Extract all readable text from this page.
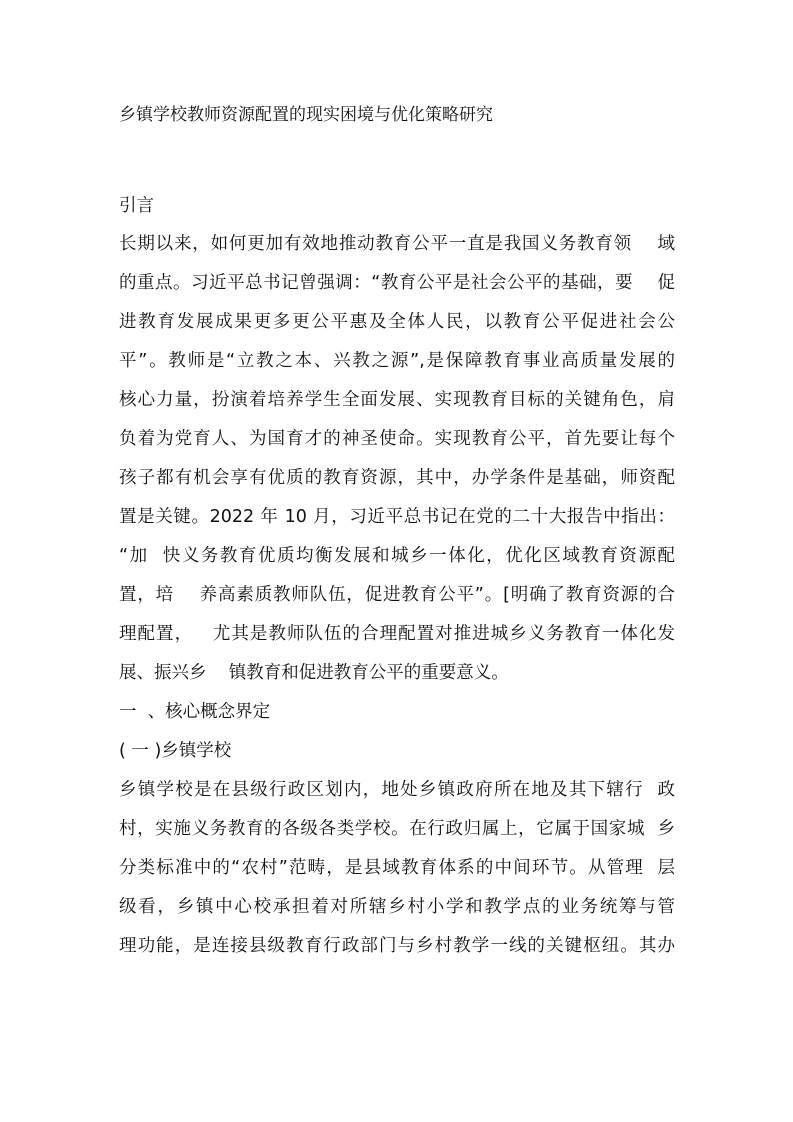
乡镇学校教师资源配置的现实困境与优化策略研究
引言
长期以来，如何更加有效地推动教育公平一直是我国义务教育领    域
的重点。习近平总书记曾强调：“教育公平是社会公平的基础，要    促
进教育发展成果更多更公平惠及全体人民，以教育公平促进社会公
平”。教师是“立教之本、兴教之源”,是保障教育事业高质量发展的
核心力量，扮演着培养学生全面发展、实现教育目标的关键角色，肩
负着为党育人、为国育才的神圣使命。实现教育公平，首先要让每个
孩子都有机会享有优质的教育资源，其中，办学条件是基础，师资配
置是关键。2022 年 10 月，习近平总书记在党的二十大报告中指出：
“加  快义务教育优质均衡发展和城乡一体化，优化区域教育资源配
置，培    养高素质教师队伍，促进教育公平”。[明确了教育资源的合
理配置，   尤其是教师队伍的合理配置对推进城乡义务教育一体化发
展、振兴乡    镇教育和促进教育公平的重要意义。
一  、核心概念界定
( 一 )乡镇学校
乡镇学校是在县级行政区划内，地处乡镇政府所在地及其下辖行  政
村，实施义务教育的各级各类学校。在行政归属上，它属于国家城  乡
分类标准中的“农村”范畴，是县域教育体系的中间环节。从管理  层
级看，乡镇中心校承担着对所辖乡村小学和教学点的业务统筹与管
理功能，是连接县级教育行政部门与乡村教学一线的关键枢纽。其办
